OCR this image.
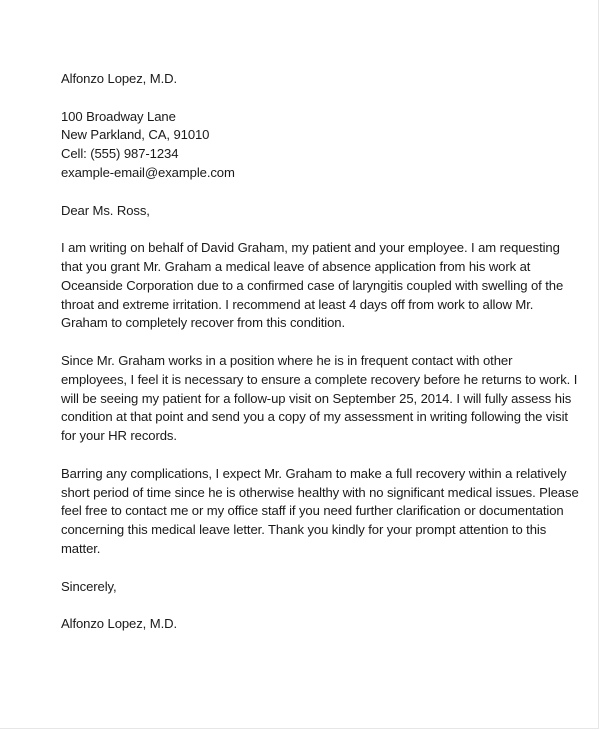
Alfonzo Lopez, M.D.
100 Broadway Lane
New Parkland, CA, 91010
Cell: (555) 987-1234
example-email@example.com
Dear Ms. Ross,
I am writing on behalf of David Graham, my patient and your employee. I am requesting
that you grant Mr. Graham a medical leave of absence application from his work at
Oceanside Corporation due to a confirmed case of laryngitis coupled with swelling of the
throat and extreme irritation. I recommend at least 4 days off from work to allow Mr.
Graham to completely recover from this condition.
Since Mr. Graham works in a position where he is in frequent contact with other
employees, I feel it is necessary to ensure a complete recovery before he returns to work. I
will be seeing my patient for a follow-up visit on September 25, 2014. I will fully assess his
condition at that point and send you a copy of my assessment in writing following the visit
for your HR records.
Barring any complications, I expect Mr. Graham to make a full recovery within a relatively
short period of time since he is otherwise healthy with no significant medical issues. Please
feel free to contact me or my office staff if you need further clarification or documentation
concerning this medical leave letter. Thank you kindly for your prompt attention to this
matter.
Sincerely,
Alfonzo Lopez, M.D.
